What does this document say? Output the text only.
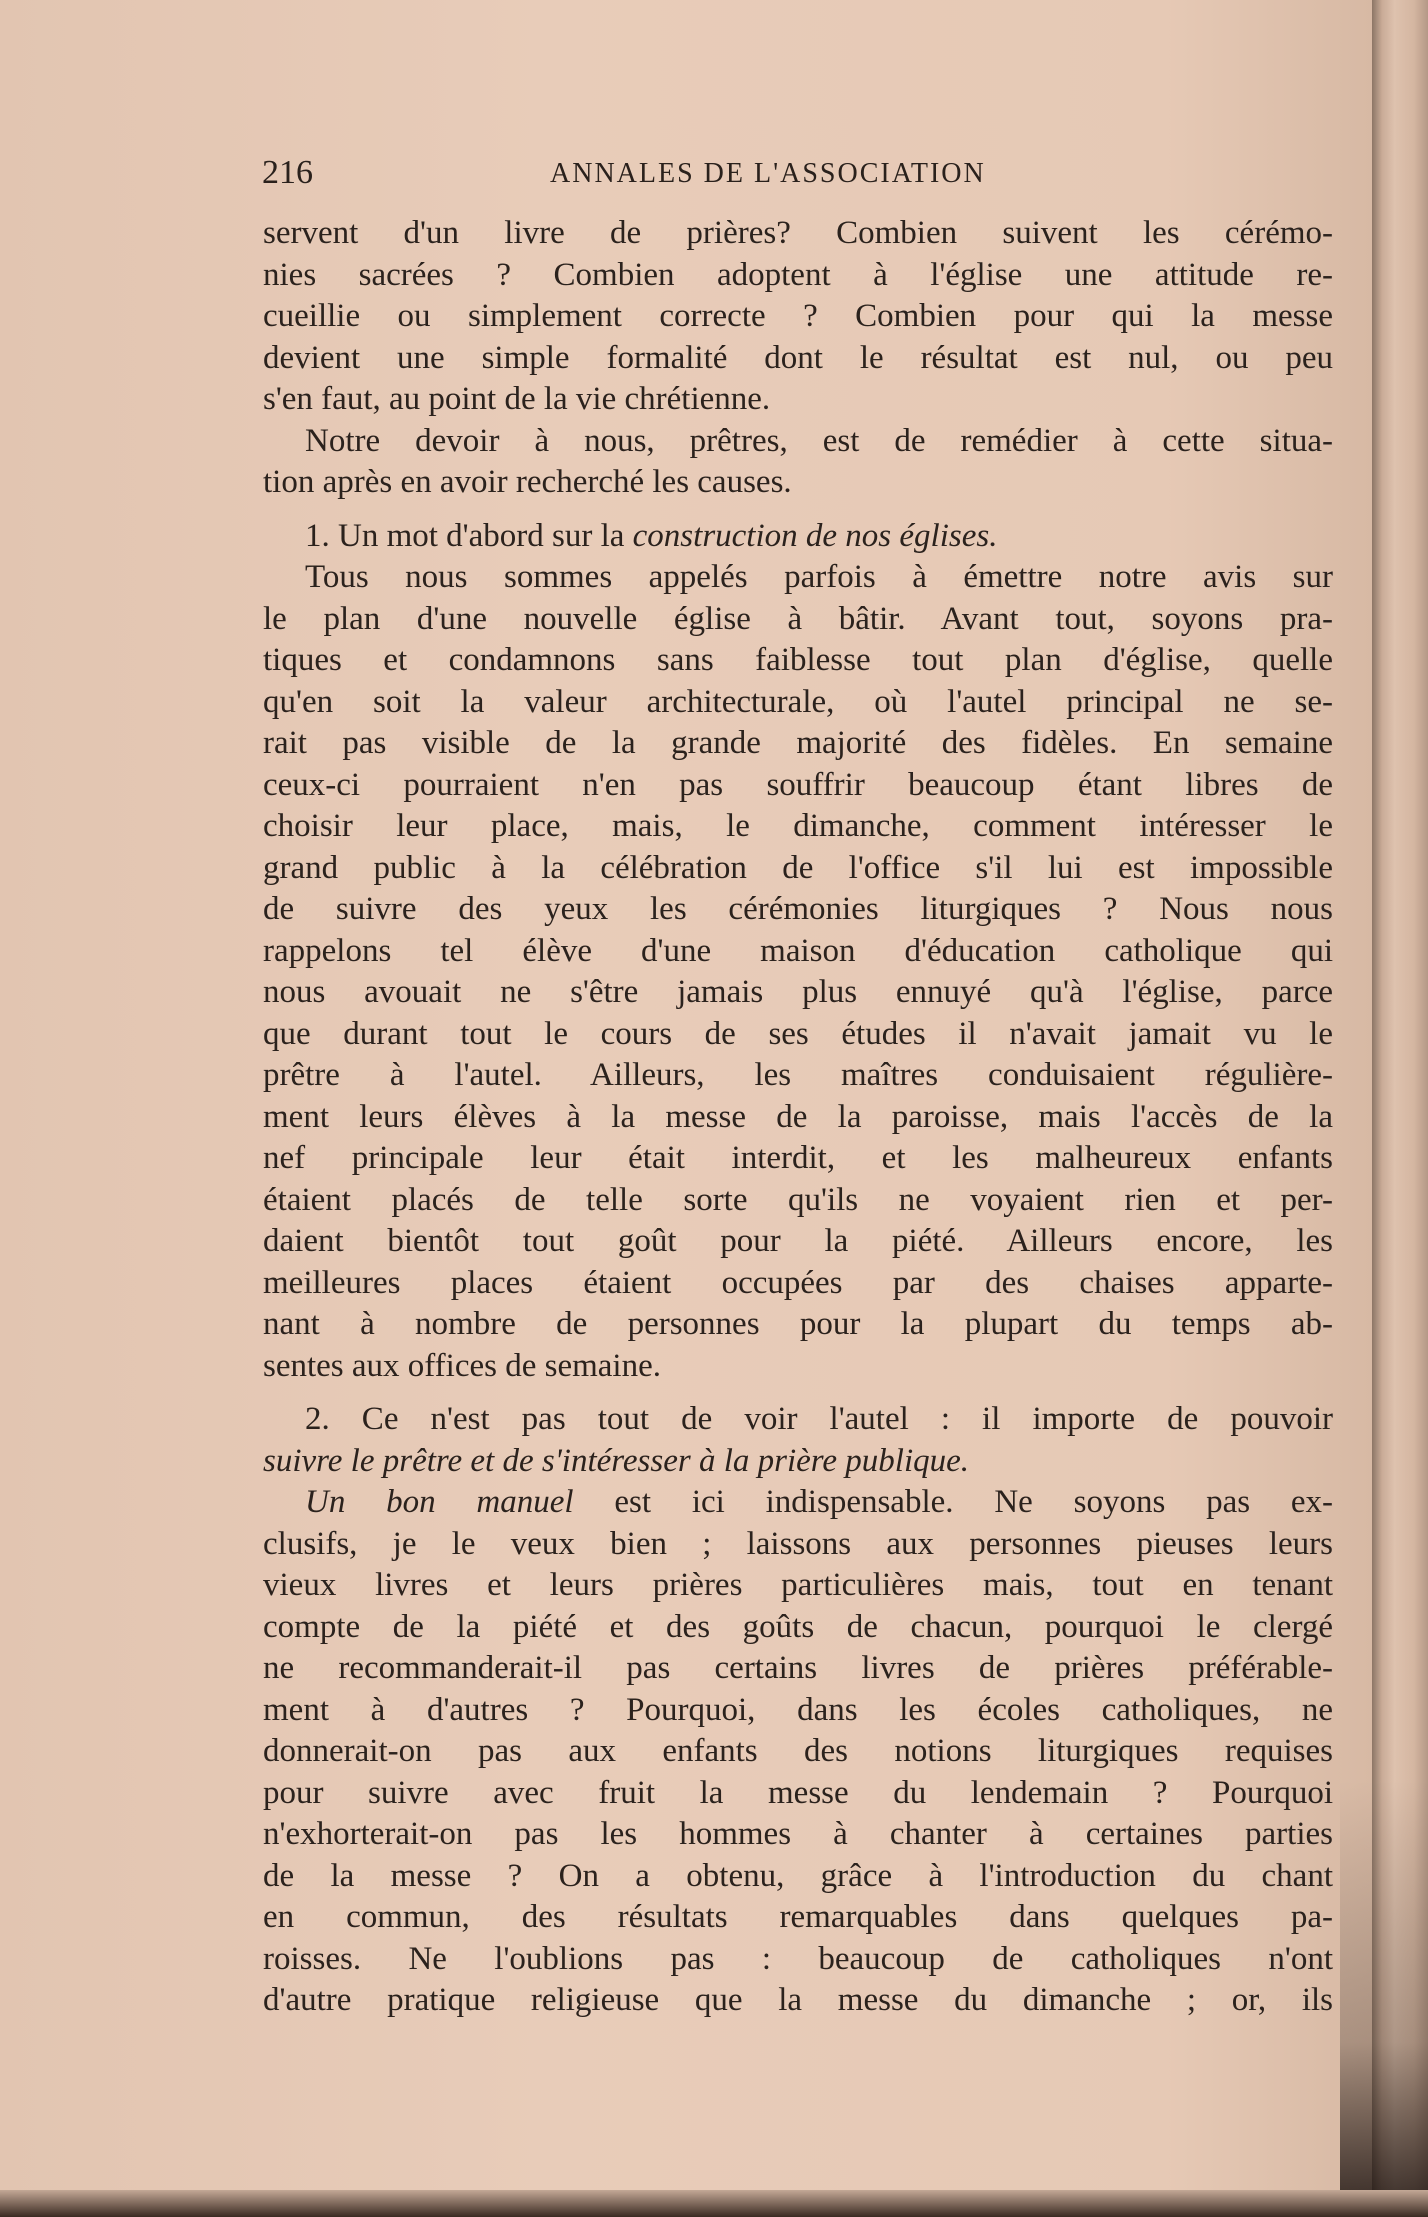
216	ANNALES DE L'ASSOCIATION
servent d'un livre de prières? Combien suivent les cérémo-
nies sacrées ? Combien adoptent à l'église une attitude re-
cueillie ou simplement correcte ? Combien pour qui la messe
devient une simple formalité dont le résultat est nul, ou peu
s'en faut, au point de la vie chrétienne.
Notre devoir à nous, prêtres, est de remédier à cette situa-
tion après en avoir recherché les causes.
1. Un mot d'abord sur la construction de nos églises.
Tous nous sommes appelés parfois à émettre notre avis sur
le plan d'une nouvelle église à bâtir. Avant tout, soyons pra-
tiques et condamnons sans faiblesse tout plan d'église, quelle
qu'en soit la valeur architecturale, où l'autel principal ne se-
rait pas visible de la grande majorité des fidèles. En semaine
ceux-ci pourraient n'en pas souffrir beaucoup étant libres de
choisir leur place, mais, le dimanche, comment intéresser le
grand public à la célébration de l'office s'il lui est impossible
de suivre des yeux les cérémonies liturgiques ? Nous nous
rappelons tel élève d'une maison d'éducation catholique qui
nous avouait ne s'être jamais plus ennuyé qu'à l'église, parce
que durant tout le cours de ses études il n'avait jamait vu le
prêtre à l'autel. Ailleurs, les maîtres conduisaient régulière-
ment leurs élèves à la messe de la paroisse, mais l'accès de la
nef principale leur était interdit, et les malheureux enfants
étaient placés de telle sorte qu'ils ne voyaient rien et per-
daient bientôt tout goût pour la piété. Ailleurs encore, les
meilleures places étaient occupées par des chaises apparte-
nant à nombre de personnes pour la plupart du temps ab-
sentes aux offices de semaine.
2. Ce n'est pas tout de voir l'autel : il importe de pouvoir
suivre le prêtre et de s'intéresser à la prière publique.
Un bon manuel est ici indispensable. Ne soyons pas ex-
clusifs, je le veux bien ; laissons aux personnes pieuses leurs
vieux livres et leurs prières particulières mais, tout en tenant
compte de la piété et des goûts de chacun, pourquoi le clergé
ne recommanderait-il pas certains livres de prières préférable-
ment à d'autres ? Pourquoi, dans les écoles catholiques, ne
donnerait-on pas aux enfants des notions liturgiques requises
pour suivre avec fruit la messe du lendemain ? Pourquoi
n'exhorterait-on pas les hommes à chanter à certaines parties
de la messe ? On a obtenu, grâce à l'introduction du chant
en commun, des résultats remarquables dans quelques pa-
roisses. Ne l'oublions pas : beaucoup de catholiques n'ont
d'autre pratique religieuse que la messe du dimanche ; or, ils
